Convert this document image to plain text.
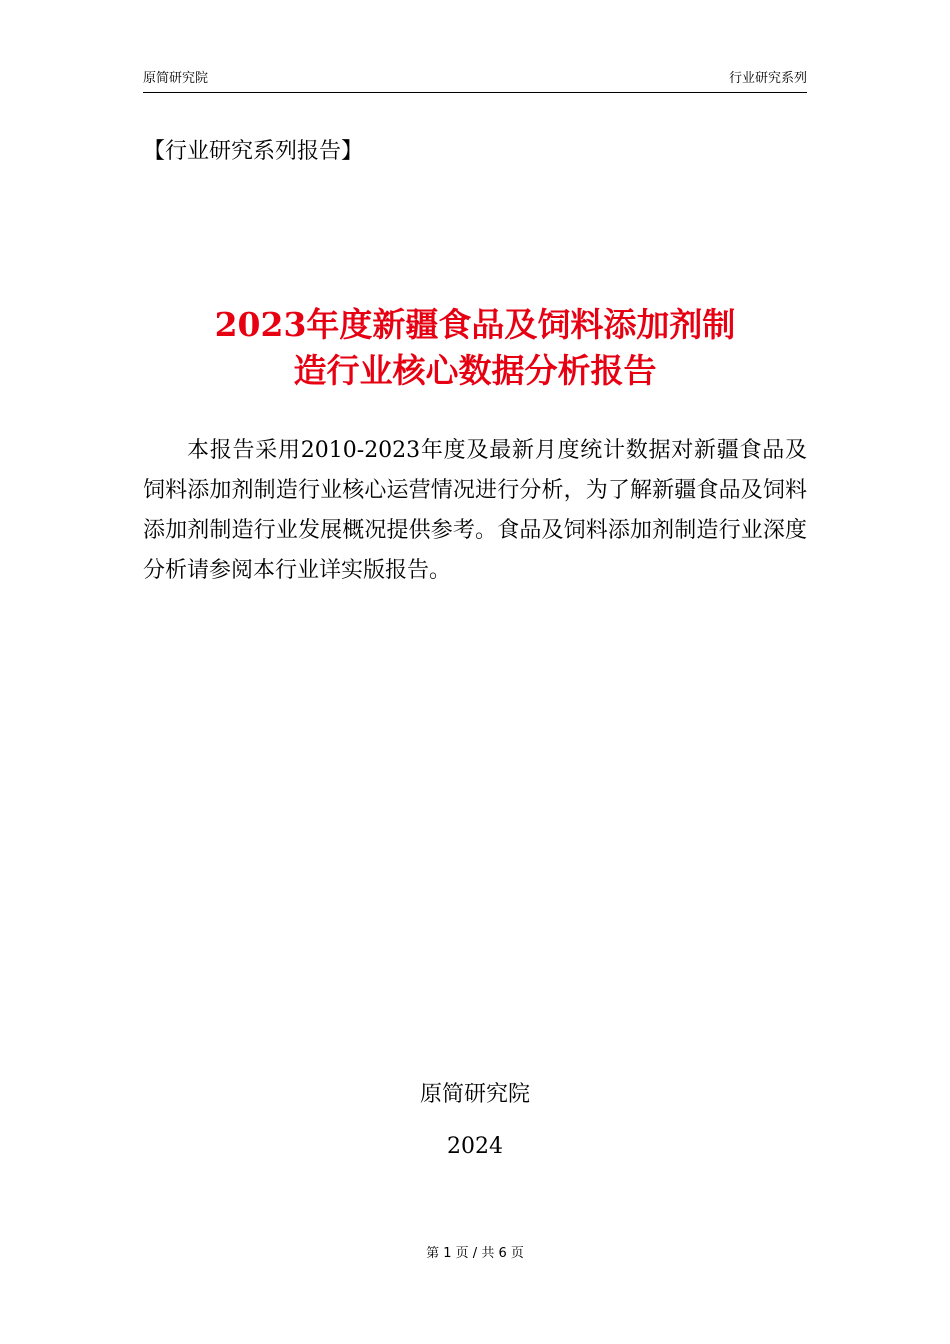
原简研究院	行业研究系列
【行业研究系列报告】
2023年度新疆食品及饲料添加剂制
造行业核心数据分析报告

本报告采用2010-2023年度及最新月度统计数据对新疆食品及饲料添加剂制造行业核心运营情况进行分析，为了解新疆食品及饲料添加剂制造行业发展概况提供参考。食品及饲料添加剂制造行业深度分析请参阅本行业详实版报告。

原简研究院
2024
第 1 页 / 共 6 页
